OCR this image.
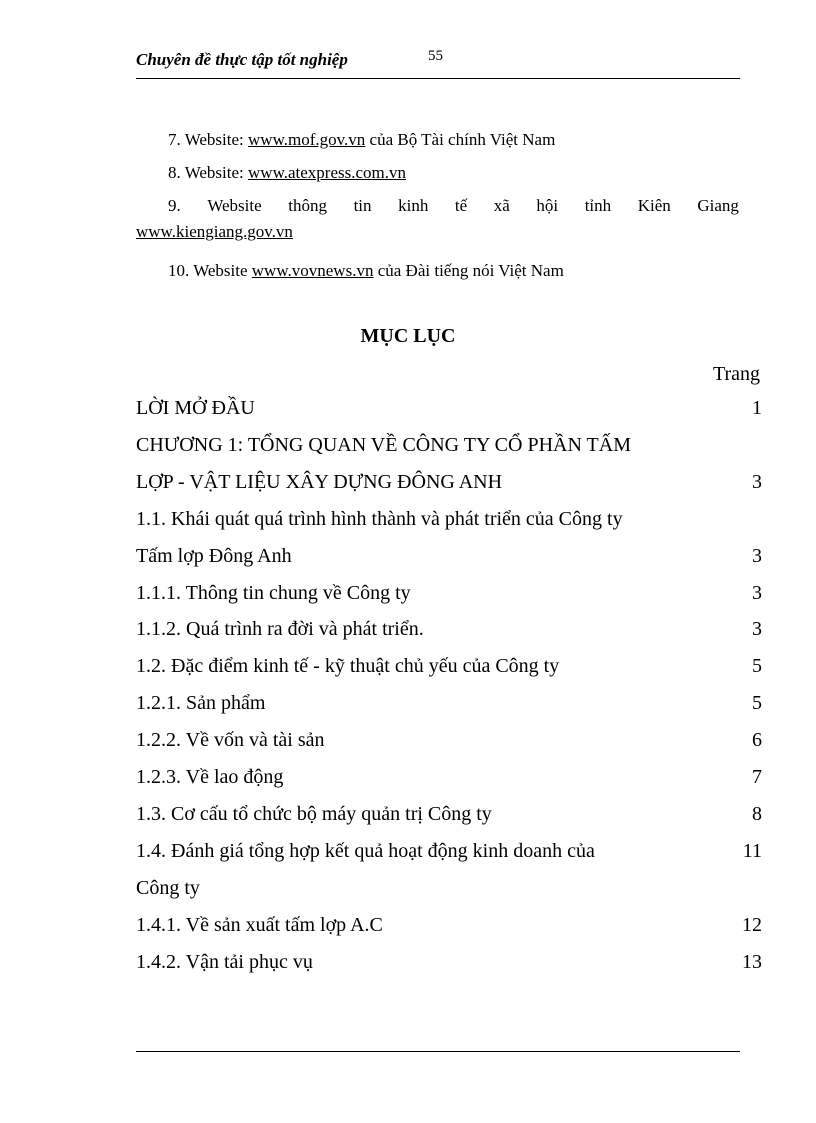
Chuyên đề thực tập tốt nghiệp	55
7. Website: www.mof.gov.vn của Bộ Tài chính Việt Nam
8. Website: www.atexpress.com.vn
9. Website thông tin kinh tế xã hội tỉnh Kiên Giang
www.kiengiang.gov.vn
10. Website www.vovnews.vn của Đài tiếng nói Việt Nam
MỤC LỤC
Trang
LỜI MỞ ĐẦU	1
CHƯƠNG 1: TỔNG QUAN VỀ CÔNG TY CỔ PHẦN TẤM
LỢP - VẬT LIỆU XÂY DỰNG ĐÔNG ANH	3
1.1. Khái quát quá trình hình thành và phát triển của Công ty
Tấm lợp Đông Anh	3
1.1.1. Thông tin chung về Công ty	3
1.1.2. Quá trình ra đời và phát triển.	3
1.2. Đặc điểm kinh tế - kỹ thuật chủ yếu của Công ty	5
1.2.1. Sản phẩm	5
1.2.2. Về vốn và tài sản	6
1.2.3. Về lao động	7
1.3. Cơ cấu tổ chức bộ máy quản trị Công ty	8
1.4. Đánh giá tổng hợp kết quả hoạt động kinh doanh của	11
Công ty
1.4.1. Về sản xuất tấm lợp A.C	12
1.4.2. Vận tải phục vụ	13
